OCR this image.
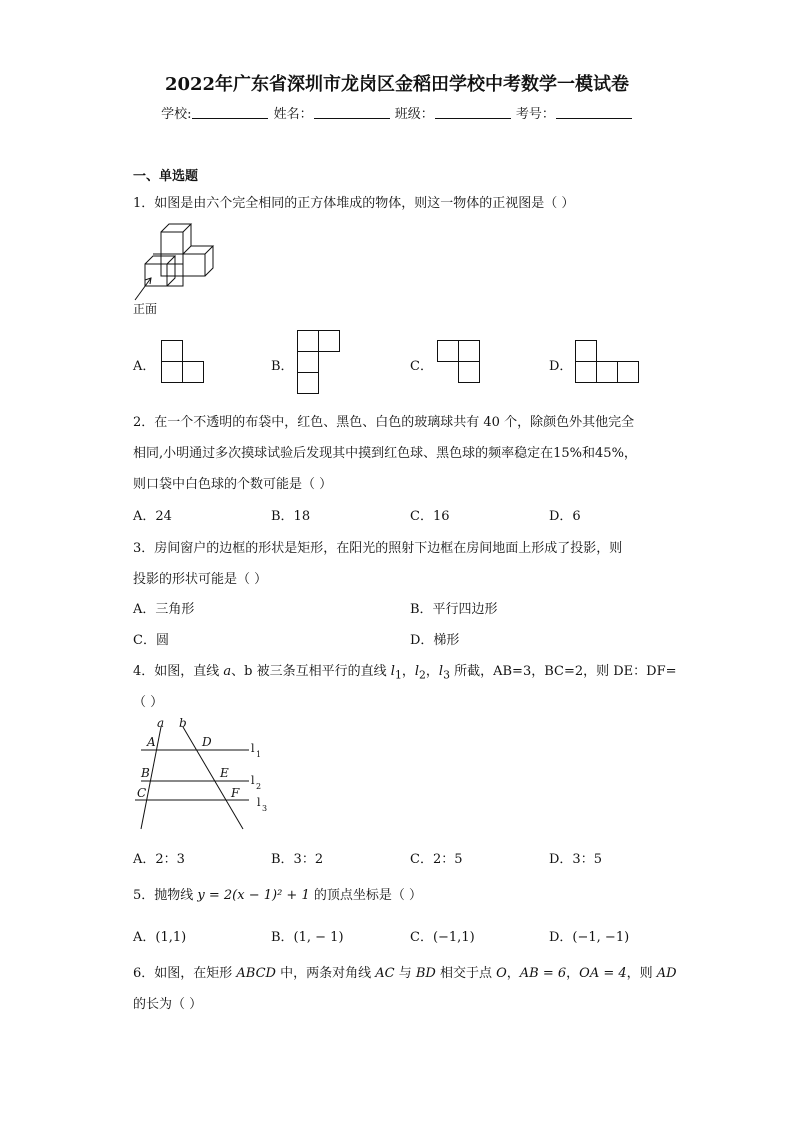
2022年广东省深圳市龙岗区金稻田学校中考数学一模试卷
学校:	姓名：	班级：	考号：
一、单选题
1．如图是由六个完全相同的正方体堆成的物体，则这一物体的正视图是（ ）
正面
A．	B．	C．	D．
2．在一个不透明的布袋中，红色、黑色、白色的玻璃球共有 40 个，除颜色外其他完全
相同,小明通过多次摸球试验后发现其中摸到红色球、黑色球的频率稳定在15%和45%，
则口袋中白色球的个数可能是（ ）
A．24	B．18	C．16	D．6
3．房间窗户的边框的形状是矩形，在阳光的照射下边框在房间地面上形成了投影，则
投影的形状可能是（ ）
A．三角形	B．平行四边形
C．圆	D．梯形
4．如图，直线 a、b 被三条互相平行的直线 $l_1$，$l_2$，$l_3$ 所截，AB=3，BC=2，则 DE：DF=
（ ）
a b
A	D
B	E
C	F
l 1
l 2
l 3
A．2：3	B．3：2	C．2：5	D．3：5
5．抛物线 y = 2(x − 1)² + 1 的顶点坐标是（ ）
A．(1,1)	B．(1, − 1)	C．(−1,1)	D．(−1, −1)
6．如图，在矩形 ABCD 中，两条对角线 AC 与 BD 相交于点 O，AB = 6，OA = 4，则 AD
的长为（ ）
